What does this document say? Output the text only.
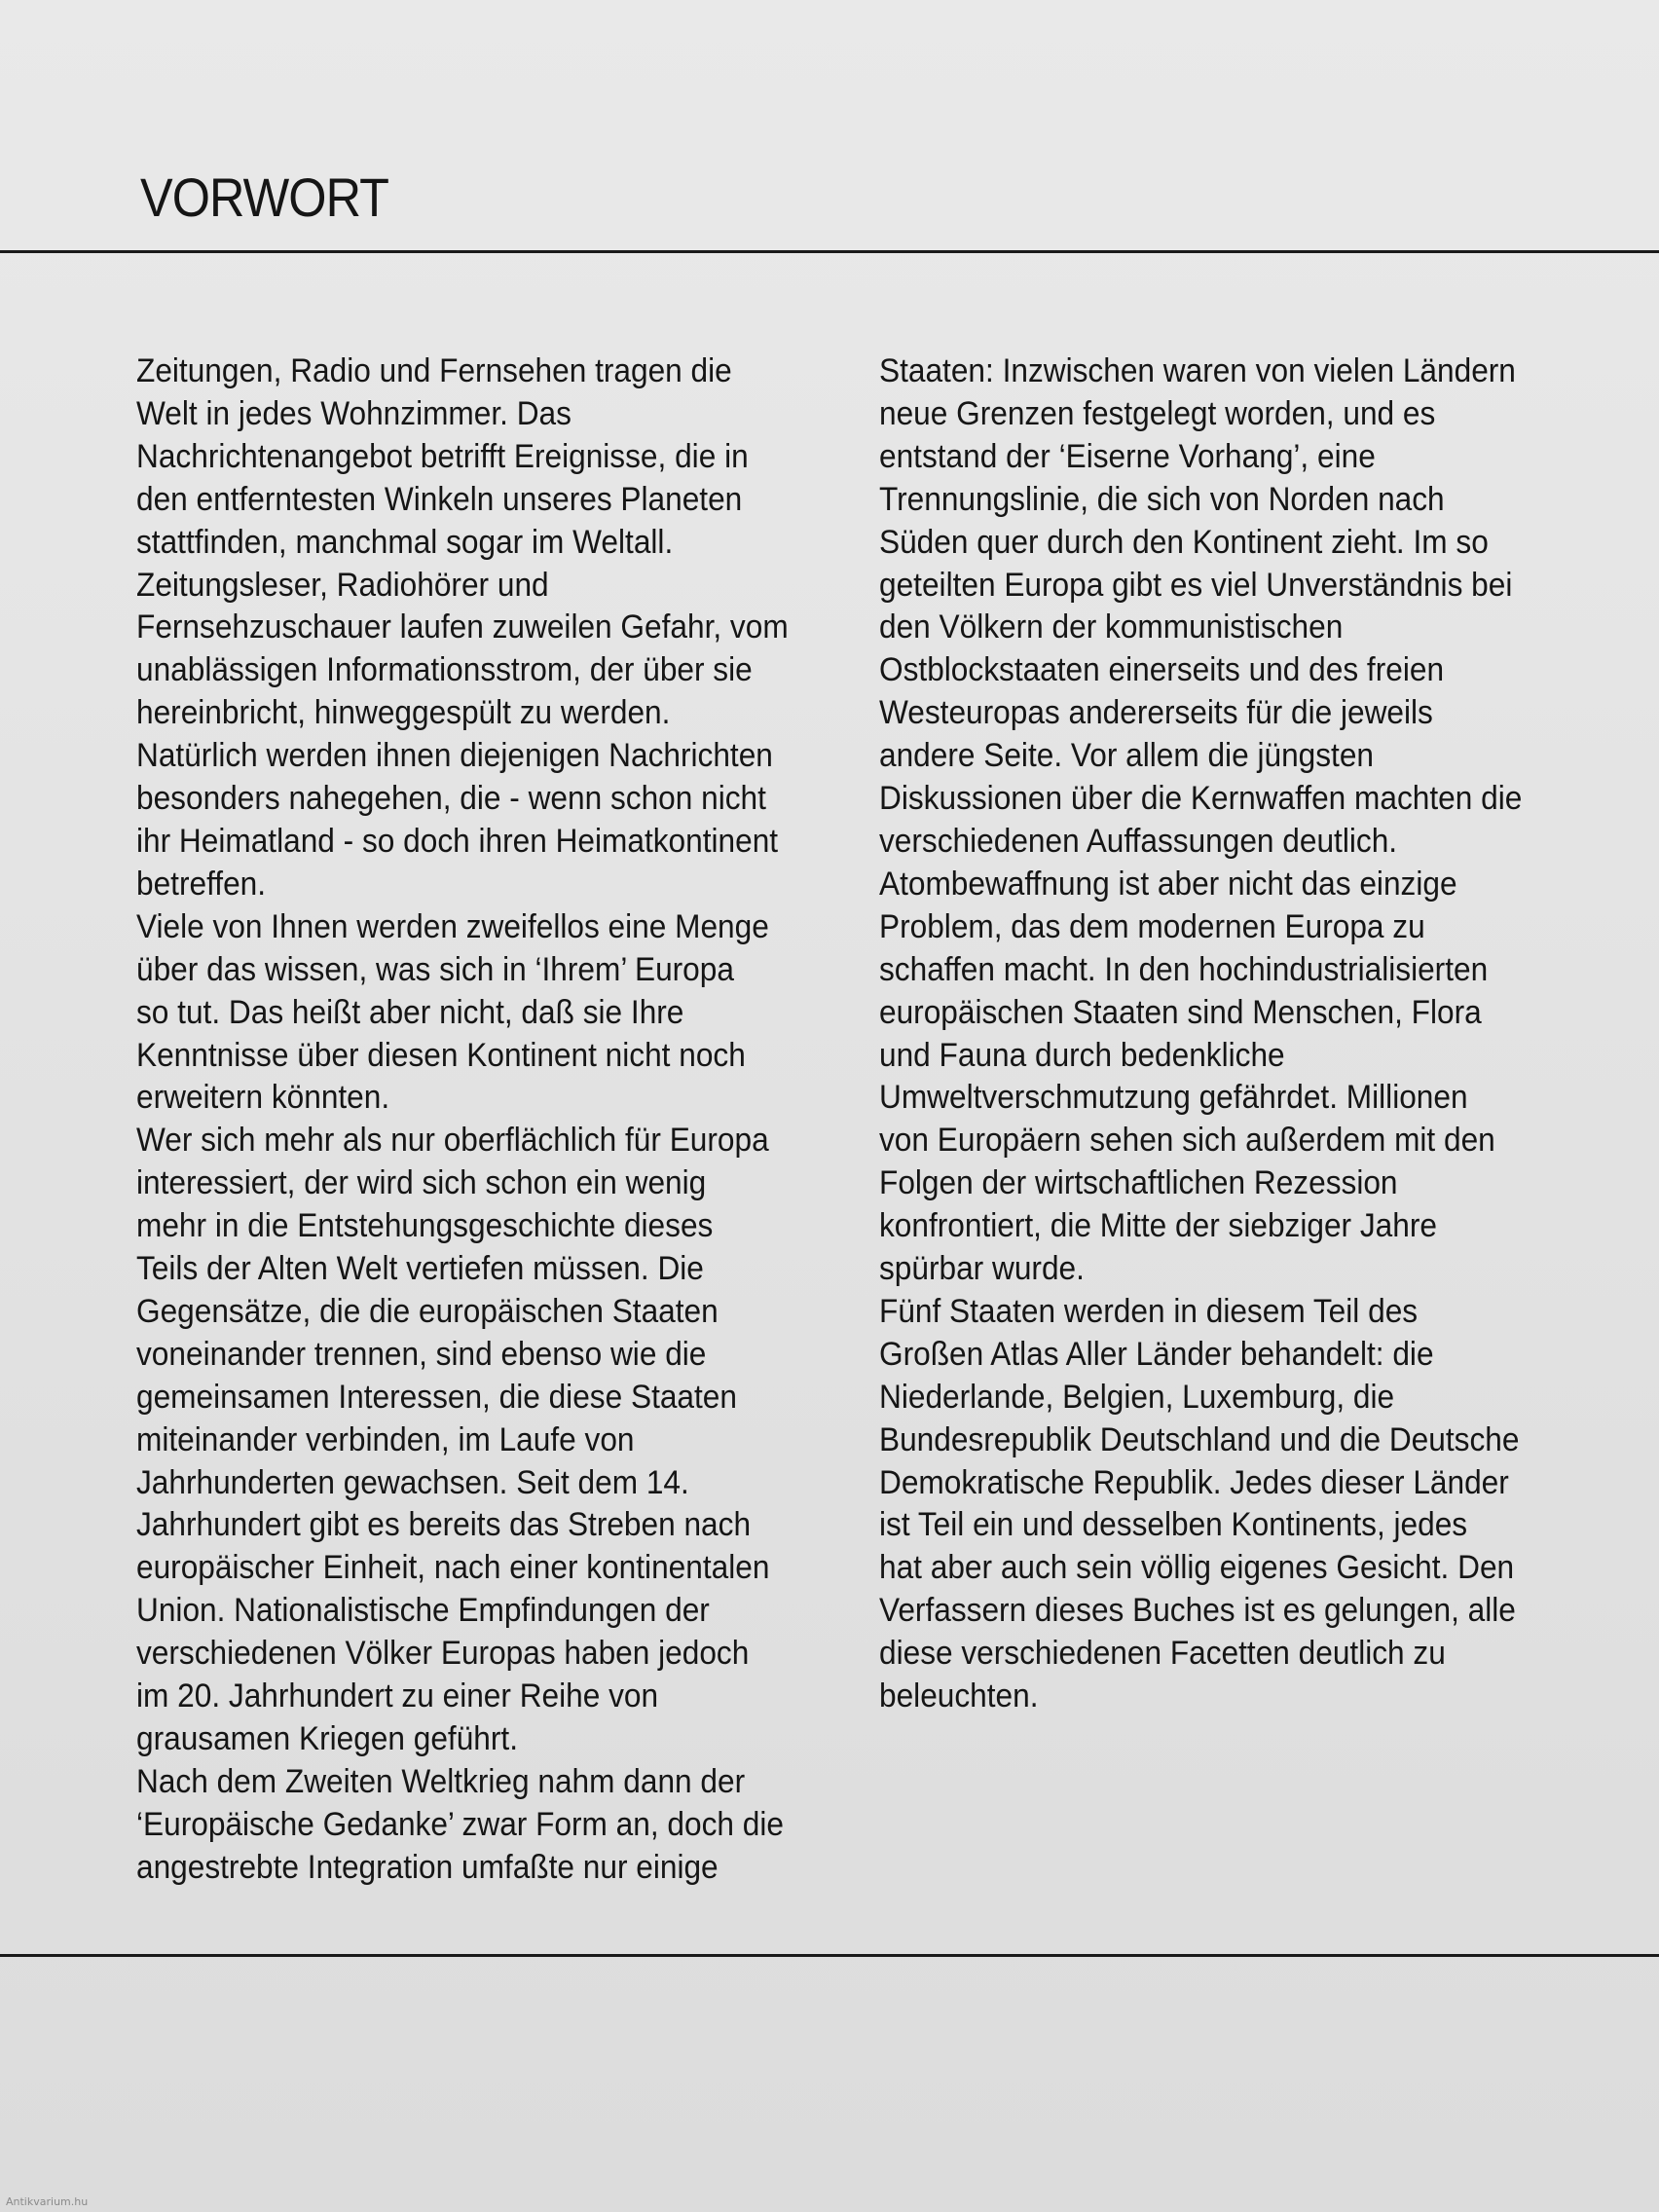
VORWORT
Zeitungen, Radio und Fernsehen tragen die
Welt in jedes Wohnzimmer. Das
Nachrichtenangebot betrifft Ereignisse, die in
den entferntesten Winkeln unseres Planeten
stattfinden, manchmal sogar im Weltall.
Zeitungsleser, Radiohörer und
Fernsehzuschauer laufen zuweilen Gefahr, vom
unablässigen Informationsstrom, der über sie
hereinbricht, hinweggespült zu werden.
Natürlich werden ihnen diejenigen Nachrichten
besonders nahegehen, die - wenn schon nicht
ihr Heimatland - so doch ihren Heimatkontinent
betreffen.
Viele von Ihnen werden zweifellos eine Menge
über das wissen, was sich in ‘Ihrem’ Europa
so tut. Das heißt aber nicht, daß sie Ihre
Kenntnisse über diesen Kontinent nicht noch
erweitern könnten.
Wer sich mehr als nur oberflächlich für Europa
interessiert, der wird sich schon ein wenig
mehr in die Entstehungsgeschichte dieses
Teils der Alten Welt vertiefen müssen. Die
Gegensätze, die die europäischen Staaten
voneinander trennen, sind ebenso wie die
gemeinsamen Interessen, die diese Staaten
miteinander verbinden, im Laufe von
Jahrhunderten gewachsen. Seit dem 14.
Jahrhundert gibt es bereits das Streben nach
europäischer Einheit, nach einer kontinentalen
Union. Nationalistische Empfindungen der
verschiedenen Völker Europas haben jedoch
im 20. Jahrhundert zu einer Reihe von
grausamen Kriegen geführt.
Nach dem Zweiten Weltkrieg nahm dann der
‘Europäische Gedanke’ zwar Form an, doch die
angestrebte Integration umfaßte nur einige
Staaten: Inzwischen waren von vielen Ländern
neue Grenzen festgelegt worden, und es
entstand der ‘Eiserne Vorhang’, eine
Trennungslinie, die sich von Norden nach
Süden quer durch den Kontinent zieht. Im so
geteilten Europa gibt es viel Unverständnis bei
den Völkern der kommunistischen
Ostblockstaaten einerseits und des freien
Westeuropas andererseits für die jeweils
andere Seite. Vor allem die jüngsten
Diskussionen über die Kernwaffen machten die
verschiedenen Auffassungen deutlich.
Atombewaffnung ist aber nicht das einzige
Problem, das dem modernen Europa zu
schaffen macht. In den hochindustrialisierten
europäischen Staaten sind Menschen, Flora
und Fauna durch bedenkliche
Umweltverschmutzung gefährdet. Millionen
von Europäern sehen sich außerdem mit den
Folgen der wirtschaftlichen Rezession
konfrontiert, die Mitte der siebziger Jahre
spürbar wurde.
Fünf Staaten werden in diesem Teil des
Großen Atlas Aller Länder behandelt: die
Niederlande, Belgien, Luxemburg, die
Bundesrepublik Deutschland und die Deutsche
Demokratische Republik. Jedes dieser Länder
ist Teil ein und desselben Kontinents, jedes
hat aber auch sein völlig eigenes Gesicht. Den
Verfassern dieses Buches ist es gelungen, alle
diese verschiedenen Facetten deutlich zu
beleuchten.
Antikvarium.hu
